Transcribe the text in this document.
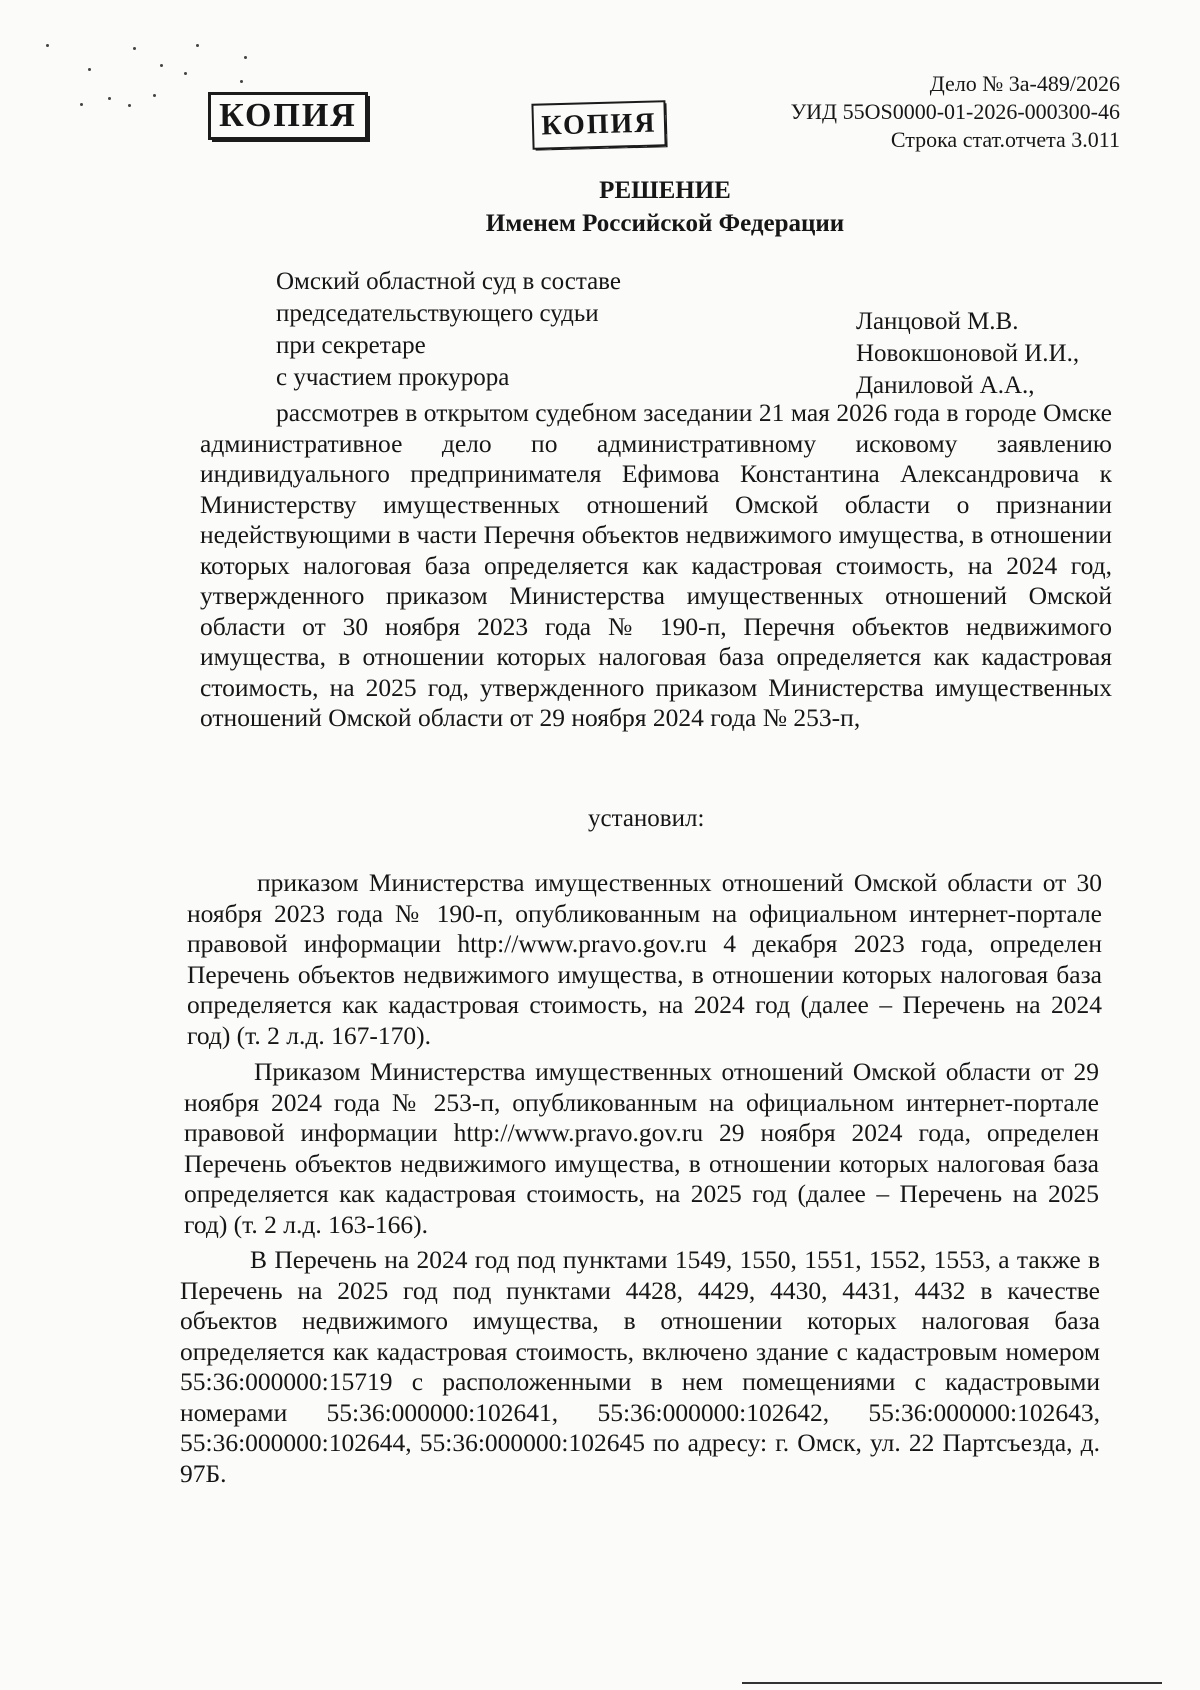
КОПИЯ	КОПИЯ
Дело № 3а-489/2026
УИД 55OS0000-01-2026-000300-46
Строка стат.отчета 3.011
РЕШЕНИЕ
Именем Российской Федерации
Омский областной суд в составе
председательствующего судьи
при секретаре
с участием прокурора
Ланцовой М.В.
Новокшоновой И.И.,
Даниловой А.А.,

рассмотрев в открытом судебном заседании 21 мая 2026 года в городе Омске административное дело по административному исковому заявлению индивидуального предпринимателя Ефимова Константина Александровича к Министерству имущественных отношений Омской области о признании недействующими в части Перечня объектов недвижимого имущества, в отношении которых налоговая база определяется как кадастровая стоимость, на 2024 год, утвержденного приказом Министерства имущественных отношений Омской области от 30 ноября 2023 года № 190-п, Перечня объектов недвижимого имущества, в отношении которых налоговая база определяется как кадастровая стоимость, на 2025 год, утвержденного приказом Министерства имущественных отношений Омской области от 29 ноября 2024 года № 253-п,

установил:

приказом Министерства имущественных отношений Омской области от 30 ноября 2023 года № 190-п, опубликованным на официальном интернет-портале правовой информации http://www.pravo.gov.ru 4 декабря 2023 года, определен Перечень объектов недвижимого имущества, в отношении которых налоговая база определяется как кадастровая стоимость, на 2024 год (далее – Перечень на 2024 год) (т. 2 л.д. 167-170).

Приказом Министерства имущественных отношений Омской области от 29 ноября 2024 года № 253-п, опубликованным на официальном интернет-портале правовой информации http://www.pravo.gov.ru 29 ноября 2024 года, определен Перечень объектов недвижимого имущества, в отношении которых налоговая база определяется как кадастровая стоимость, на 2025 год (далее – Перечень на 2025 год) (т. 2 л.д. 163-166).

В Перечень на 2024 год под пунктами 1549, 1550, 1551, 1552, 1553, а также в Перечень на 2025 год под пунктами 4428, 4429, 4430, 4431, 4432 в качестве объектов недвижимого имущества, в отношении которых налоговая база определяется как кадастровая стоимость, включено здание с кадастровым номером 55:36:000000:15719 с расположенными в нем помещениями с кадастровыми номерами 55:36:000000:102641, 55:36:000000:102642, 55:36:000000:102643, 55:36:000000:102644, 55:36:000000:102645 по адресу: г. Омск, ул. 22 Партсъезда, д. 97Б.
